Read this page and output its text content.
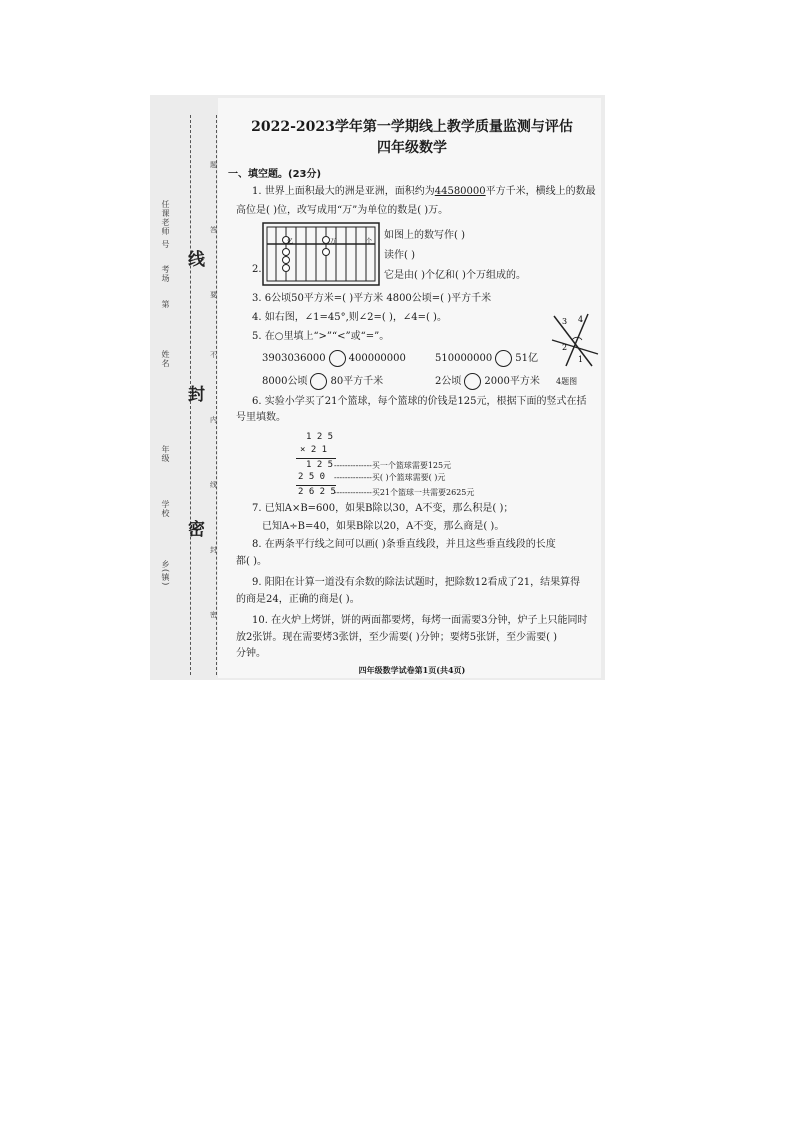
乡(镇)
学校
年级
姓名
第
考场
号
任课老师
密
封
线
密
封
线
内
不
要
答
题
2022-2023学年第一学期线上教学质量监测与评估
四年级数学
一、填空题。(23分)
1. 世界上面积最大的洲是亚洲，面积约为44580000平方千米，横线上的数最
高位是( )位，改写成用“万”为单位的数是( )万。
2.
亿	万	个
如图上的数写作( )
读作( )
它是由( )个亿和( )个万组成的。
3. 6公顷50平方米=( )平方米 4800公顷=( )平方千米
4. 如右图，∠1=45°,则∠2=( )，∠4=( )。	3 4
2
1
4题图
5. 在○里填上“>”“<”或“=”。
3903036000 400000000	510000000 51亿
8000公顷 80平方千米	2公顷 2000平方米
6. 实验小学买了21个篮球，每个篮球的价钱是125元，根据下面的竖式在括
号里填数。
1 2 5
× 2 1
1 2 5
2 5 0
2 6 2 5
--------------买一个篮球需要125元
--------------买( )个篮球需要( )元
--------------买21个篮球一共需要2625元
7. 已知A×B=600，如果B除以30，A不变，那么积是( )；
已知A÷B=40，如果B除以20，A不变，那么商是( )。
8. 在两条平行线之间可以画( )条垂直线段，并且这些垂直线段的长度
都( )。
9. 阳阳在计算一道没有余数的除法试题时，把除数12看成了21，结果算得
的商是24，正确的商是( )。
10. 在火炉上烤饼，饼的两面都要烤，每烤一面需要3分钟，炉子上只能同时
放2张饼。现在需要烤3张饼，至少需要( )分钟；要烤5张饼，至少需要( )
分钟。
四年级数学试卷第1页(共4页)
